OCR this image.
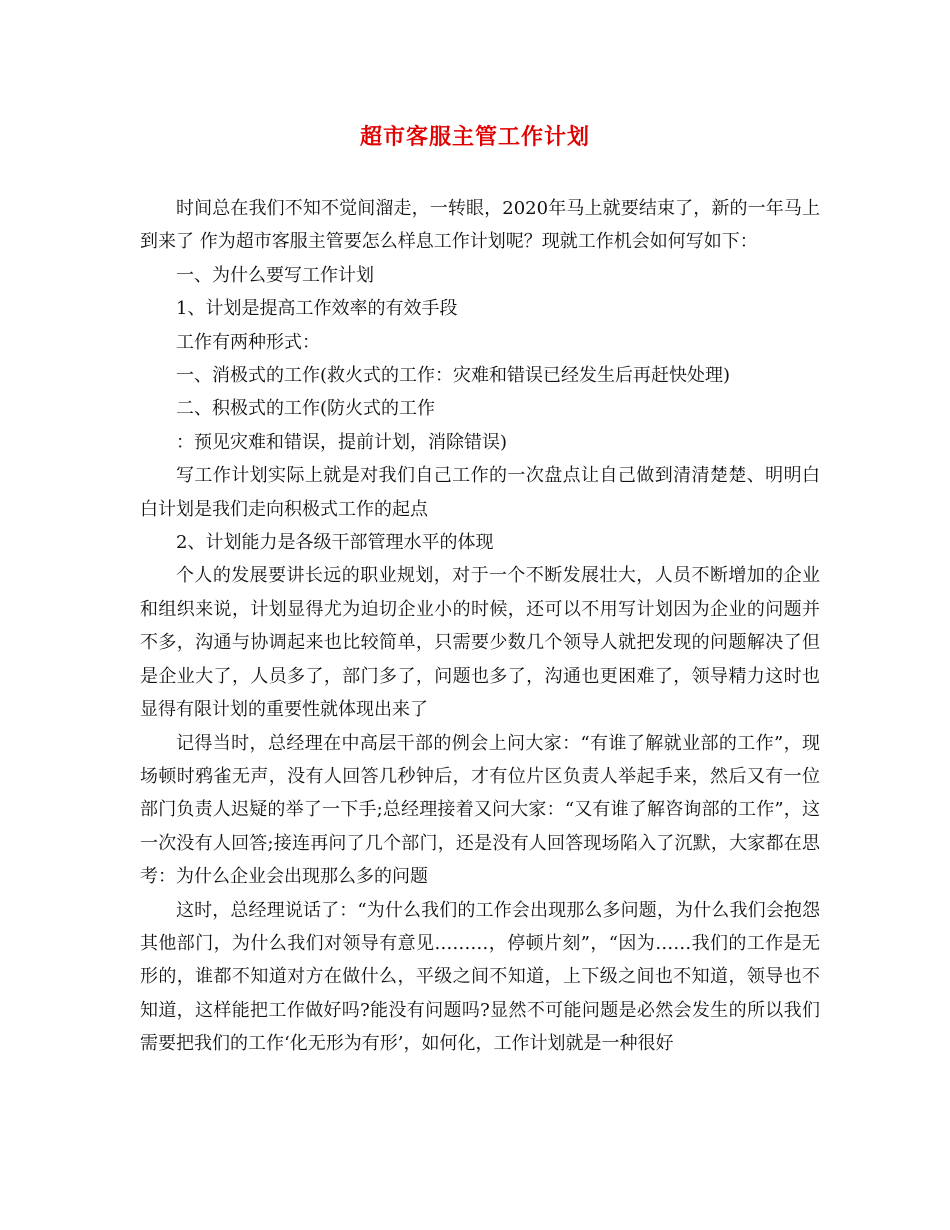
超市客服主管工作计划

时间总在我们不知不觉间溜走，一转眼，2020年马上就要结束了，新的一年马上到来了 作为超市客服主管要怎么样息工作计划呢？现就工作机会如何写如下：

一、为什么要写工作计划

1、计划是提高工作效率的有效手段

工作有两种形式：

一、消极式的工作(救火式的工作：灾难和错误已经发生后再赶快处理)

二、积极式的工作(防火式的工作

：预见灾难和错误，提前计划，消除错误)

写工作计划实际上就是对我们自己工作的一次盘点让自己做到清清楚楚、明明白白计划是我们走向积极式工作的起点

2、计划能力是各级干部管理水平的体现

个人的发展要讲长远的职业规划，对于一个不断发展壮大，人员不断增加的企业和组织来说，计划显得尤为迫切企业小的时候，还可以不用写计划因为企业的问题并不多，沟通与协调起来也比较简单，只需要少数几个领导人就把发现的问题解决了但是企业大了，人员多了，部门多了，问题也多了，沟通也更困难了，领导精力这时也显得有限计划的重要性就体现出来了

记得当时，总经理在中高层干部的例会上问大家：“有谁了解就业部的工作”，现场顿时鸦雀无声，没有人回答几秒钟后，才有位片区负责人举起手来，然后又有一位部门负责人迟疑的举了一下手;总经理接着又问大家：“又有谁了解咨询部的工作”，这一次没有人回答;接连再问了几个部门，还是没有人回答现场陷入了沉默，大家都在思考：为什么企业会出现那么多的问题

这时，总经理说话了：“为什么我们的工作会出现那么多问题，为什么我们会抱怨其他部门，为什么我们对领导有意见………，停顿片刻”，“因为……我们的工作是无形的，谁都不知道对方在做什么，平级之间不知道，上下级之间也不知道，领导也不知道，这样能把工作做好吗?能没有问题吗?显然不可能问题是必然会发生的所以我们需要把我们的工作‘化无形为有形’，如何化，工作计划就是一种很好
